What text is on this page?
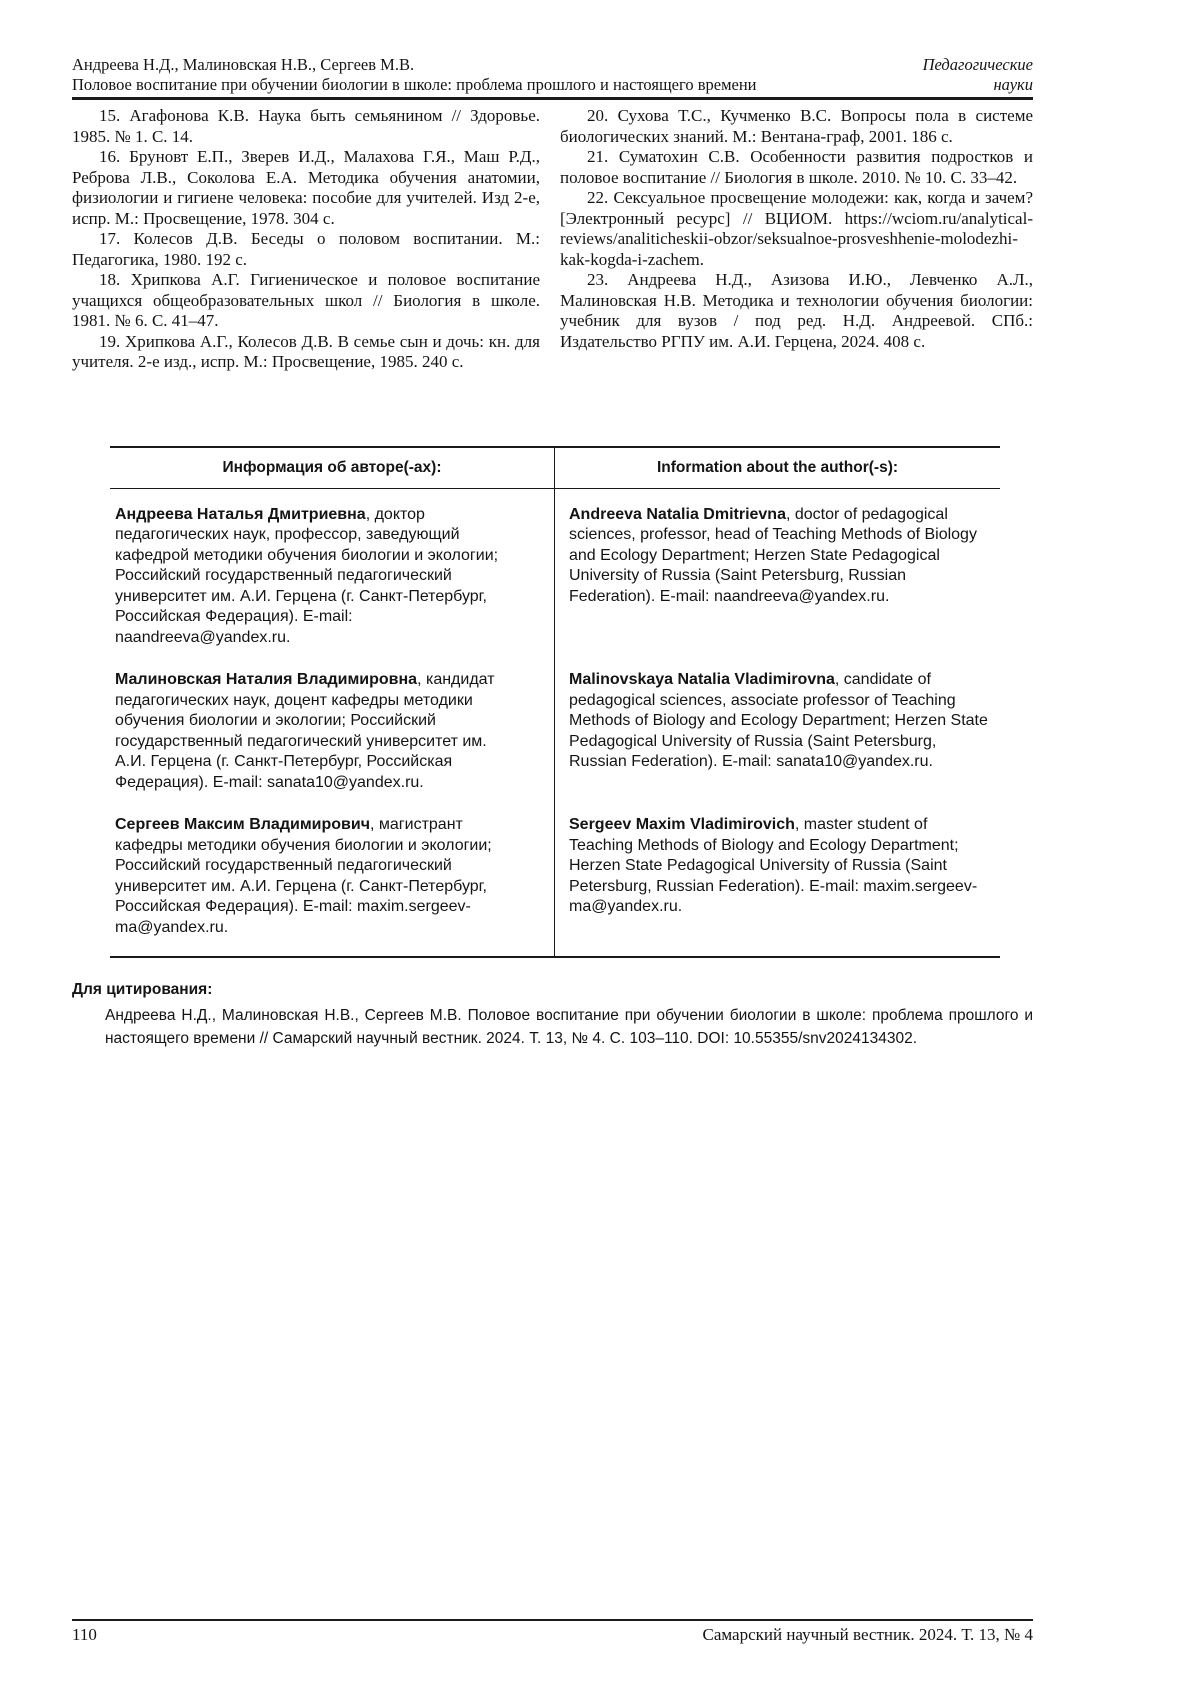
Андреева Н.Д., Малиновская Н.В., Сергеев М.В.
Половое воспитание при обучении биологии в школе: проблема прошлого и настоящего времени
Педагогические
науки

15. Агафонова К.В. Наука быть семьянином // Здоровье. 1985. № 1. С. 14.

16. Бруновт Е.П., Зверев И.Д., Малахова Г.Я., Маш Р.Д., Реброва Л.В., Соколова Е.А. Методика обучения анатомии, физиологии и гигиене человека: пособие для учителей. Изд 2-е, испр. М.: Просвещение, 1978. 304 с.

17. Колесов Д.В. Беседы о половом воспитании. М.: Педагогика, 1980. 192 с.

18. Хрипкова А.Г. Гигиеническое и половое воспитание учащихся общеобразовательных школ // Биология в школе. 1981. № 6. С. 41–47.

19. Хрипкова А.Г., Колесов Д.В. В семье сын и дочь: кн. для учителя. 2-е изд., испр. М.: Просвещение, 1985. 240 с.

20. Сухова Т.С., Кучменко В.С. Вопросы пола в системе биологических знаний. М.: Вентана-граф, 2001. 186 с.

21. Суматохин С.В. Особенности развития подростков и половое воспитание // Биология в школе. 2010. № 10. С. 33–42.

22. Сексуальное просвещение молодежи: как, когда и зачем? [Электронный ресурс] // ВЦИОМ. https://wciom.ru/analytical-reviews/analiticheskii-obzor/seksualnoe-prosveshhenie-molodezhi-kak-kogda-i-zachem.

23. Андреева Н.Д., Азизова И.Ю., Левченко А.Л., Малиновская Н.В. Методика и технологии обучения биологии: учебник для вузов / под ред. Н.Д. Андреевой. СПб.: Издательство РГПУ им. А.И. Герцена, 2024. 408 с.

Информация об авторе(-ах):	Information about the author(-s):

Андреева Наталья Дмитриевна, доктор педагогических наук, профессор, заведующий кафедрой методики обучения биологии и экологии; Российский государственный педагогический университет им. А.И. Герцена (г. Санкт-Петербург, Российская Федерация). E-mail: naandreeva@yandex.ru.

Andreeva Natalia Dmitrievna, doctor of pedagogical sciences, professor, head of Teaching Methods of Biology and Ecology Department; Herzen State Pedagogical University of Russia (Saint Petersburg, Russian Federation). E-mail: naandreeva@yandex.ru.

Малиновская Наталия Владимировна, кандидат педагогических наук, доцент кафедры методики обучения биологии и экологии; Российский государственный педагогический университет им. А.И. Герцена (г. Санкт-Петербург, Российская Федерация). E-mail: sanata10@yandex.ru.

Malinovskaya Natalia Vladimirovna, candidate of pedagogical sciences, associate professor of Teaching Methods of Biology and Ecology Department; Herzen State Pedagogical University of Russia (Saint Petersburg, Russian Federation). E-mail: sanata10@yandex.ru.

Сергеев Максим Владимирович, магистрант кафедры методики обучения биологии и экологии; Российский государственный педагогический университет им. А.И. Герцена (г. Санкт-Петербург, Российская Федерация). E-mail: maxim.sergeev-ma@yandex.ru.

Sergeev Maxim Vladimirovich, master student of Teaching Methods of Biology and Ecology Department; Herzen State Pedagogical University of Russia (Saint Petersburg, Russian Federation). E-mail: maxim.sergeev-ma@yandex.ru.

Для цитирования:

Андреева Н.Д., Малиновская Н.В., Сергеев М.В. Половое воспитание при обучении биологии в школе: проблема прошлого и настоящего времени // Самарский научный вестник. 2024. Т. 13, № 4. С. 103–110. DOI: 10.55355/snv2024134302.

110	Самарский научный вестник. 2024. Т. 13, № 4
